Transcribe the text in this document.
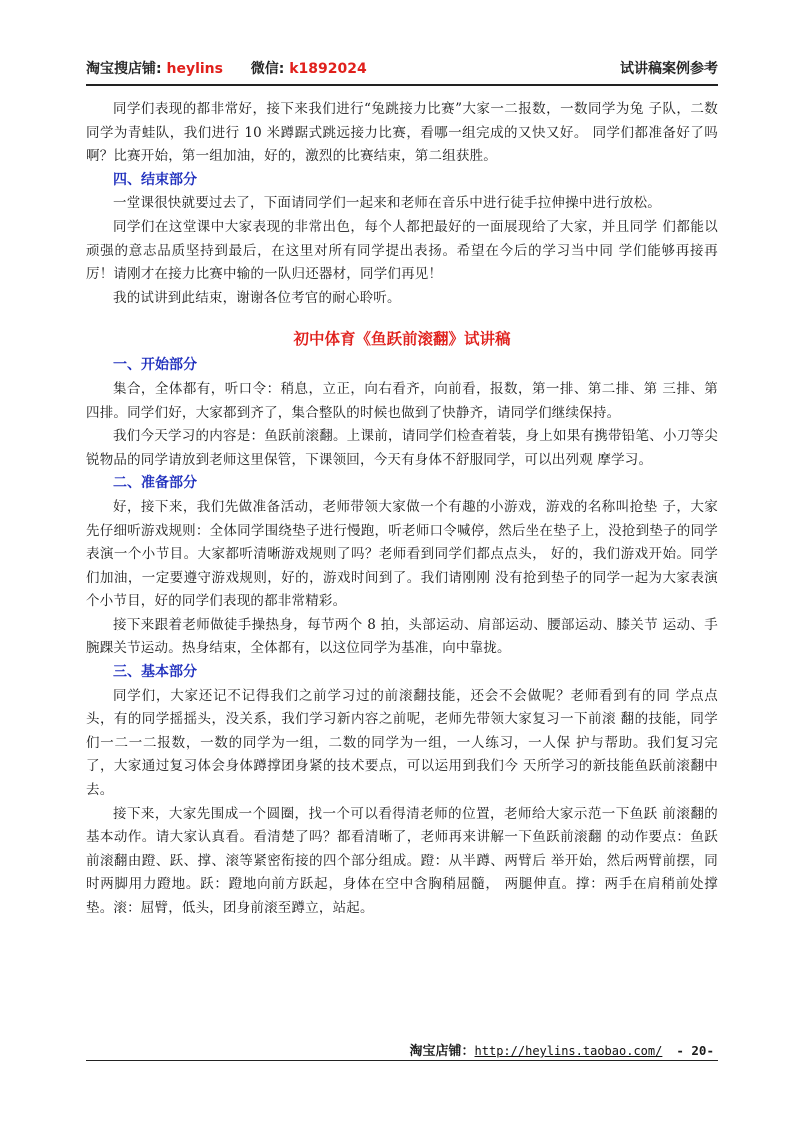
淘宝搜店铺: heylins 微信: k1892024	试讲稿案例参考

同学们表现的都非常好，接下来我们进行“兔跳接力比赛”大家一二报数，一数同学为兔 子队，二数同学为青蛙队，我们进行 10 米蹲踞式跳远接力比赛，看哪一组完成的又快又好。 同学们都准备好了吗啊？比赛开始，第一组加油，好的，激烈的比赛结束，第二组获胜。

四、结束部分

一堂课很快就要过去了，下面请同学们一起来和老师在音乐中进行徒手拉伸操中进行放松。

同学们在这堂课中大家表现的非常出色，每个人都把最好的一面展现给了大家，并且同学 们都能以顽强的意志品质坚持到最后，在这里对所有同学提出表扬。希望在今后的学习当中同 学们能够再接再厉！请刚才在接力比赛中输的一队归还器材，同学们再见！

我的试讲到此结束，谢谢各位考官的耐心聆听。

初中体育《鱼跃前滚翻》试讲稿

一、开始部分

集合，全体都有，听口令：稍息，立正，向右看齐，向前看，报数，第一排、第二排、第 三排、第四排。同学们好，大家都到齐了，集合整队的时候也做到了快静齐，请同学们继续保持。

我们今天学习的内容是：鱼跃前滚翻。上课前，请同学们检查着装，身上如果有携带铅笔、小刀等尖锐物品的同学请放到老师这里保管，下课领回，今天有身体不舒服同学，可以出列观 摩学习。

二、准备部分

好，接下来，我们先做准备活动，老师带领大家做一个有趣的小游戏，游戏的名称叫抢垫 子，大家先仔细听游戏规则：全体同学围绕垫子进行慢跑，听老师口令喊停，然后坐在垫子上，没抢到垫子的同学表演一个小节目。大家都听清晰游戏规则了吗？老师看到同学们都点点头， 好的，我们游戏开始。同学们加油，一定要遵守游戏规则，好的，游戏时间到了。我们请刚刚 没有抢到垫子的同学一起为大家表演个小节目，好的同学们表现的都非常精彩。

接下来跟着老师做徒手操热身，每节两个 8 拍，头部运动、肩部运动、腰部运动、膝关节 运动、手腕踝关节运动。热身结束，全体都有，以这位同学为基准，向中靠拢。

三、基本部分

同学们，大家还记不记得我们之前学习过的前滚翻技能，还会不会做呢？老师看到有的同 学点点头，有的同学摇摇头，没关系，我们学习新内容之前呢，老师先带领大家复习一下前滚 翻的技能，同学们一二一二报数，一数的同学为一组，二数的同学为一组，一人练习，一人保 护与帮助。我们复习完了，大家通过复习体会身体蹲撑团身紧的技术要点，可以运用到我们今 天所学习的新技能鱼跃前滚翻中去。

接下来，大家先围成一个圆圈，找一个可以看得清老师的位置，老师给大家示范一下鱼跃 前滚翻的基本动作。请大家认真看。看清楚了吗？都看清晰了，老师再来讲解一下鱼跃前滚翻 的动作要点：鱼跃前滚翻由蹬、跃、撑、滚等紧密衔接的四个部分组成。蹬：从半蹲、两臂后 举开始，然后两臂前摆，同时两脚用力蹬地。跃：蹬地向前方跃起，身体在空中含胸稍屈髓， 两腿伸直。撑：两手在肩稍前处撑垫。滚：屈臂，低头，团身前滚至蹲立，站起。

淘宝店铺：http://heylins.taobao.com/ - 20-
